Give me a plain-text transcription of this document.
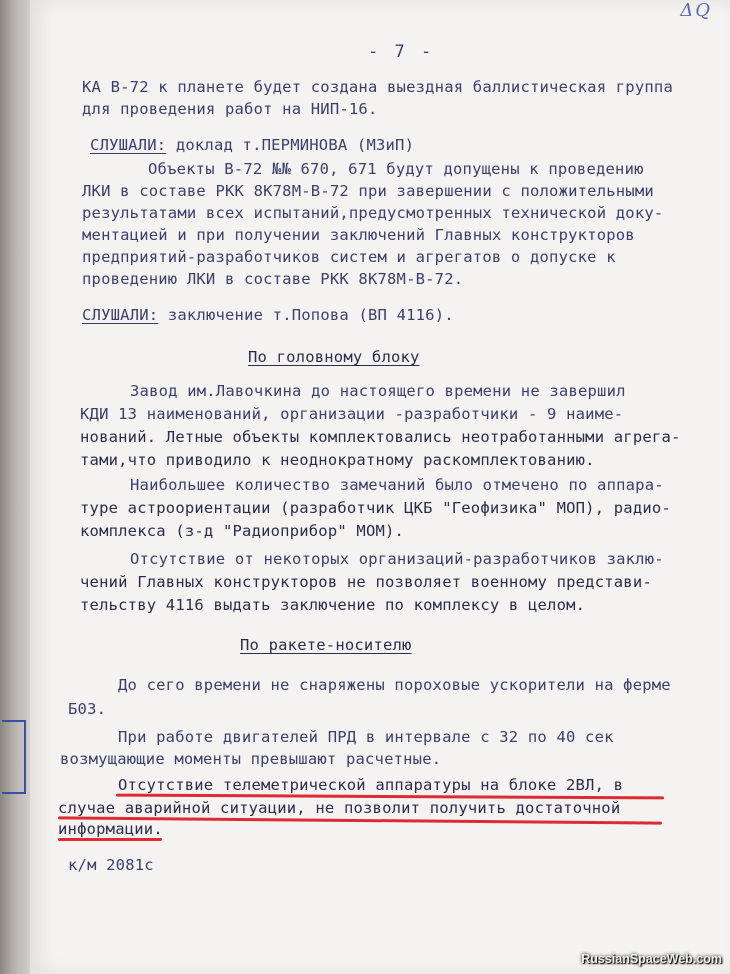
ΔQ
- 7 -
КА В-72 к планете будет создана выездная баллистическая группа
для проведения работ на НИП-16.
СЛУШАЛИ: доклад т.ПЕРМИНОВА (МЗиП)
Объекты В-72 №№ 670, 671 будут допущены к проведению
ЛКИ в составе РКК 8К78М-В-72 при завершении с положительными
результатами всех испытаний,предусмотренных технической доку-
ментацией и при получении заключений Главных конструкторов
предприятий-разработчиков систем и агрегатов о допуске к
проведению ЛКИ в составе РКК 8К78М-В-72.
СЛУШАЛИ: заключение т.Попова (ВП 4116).
По головному блоку
Завод им.Лавочкина до настоящего времени не завершил
КДИ 13 наименований, организации -разработчики - 9 наиме-
нований. Летные объекты комплектовались неотработанными агрега-
тами,что приводило к неоднократному раскомплектованию.
Наибольшее количество замечаний было отмечено по аппара-
туре астроориентации (разработчик ЦКБ "Геофизика" МОП), радио-
комплекса (з-д "Радиоприбор" МОМ).
Отсутствие от некоторых организаций-разработчиков заклю-
чений Главных конструкторов не позволяет военному представи-
тельству 4116 выдать заключение по комплексу в целом.
По ракете-носителю
До сего времени не снаряжены пороховые ускорители на ферме
Б03.
При работе двигателей ПРД в интервале с 32 по 40 сек
возмущающие моменты превышают расчетные.
Отсутствие телеметрической аппаратуры на блоке 2ВЛ, в
случае аварийной ситуации, не позволит получить достаточной
информации.
к/м 2081с
RussianSpaceWeb.com
